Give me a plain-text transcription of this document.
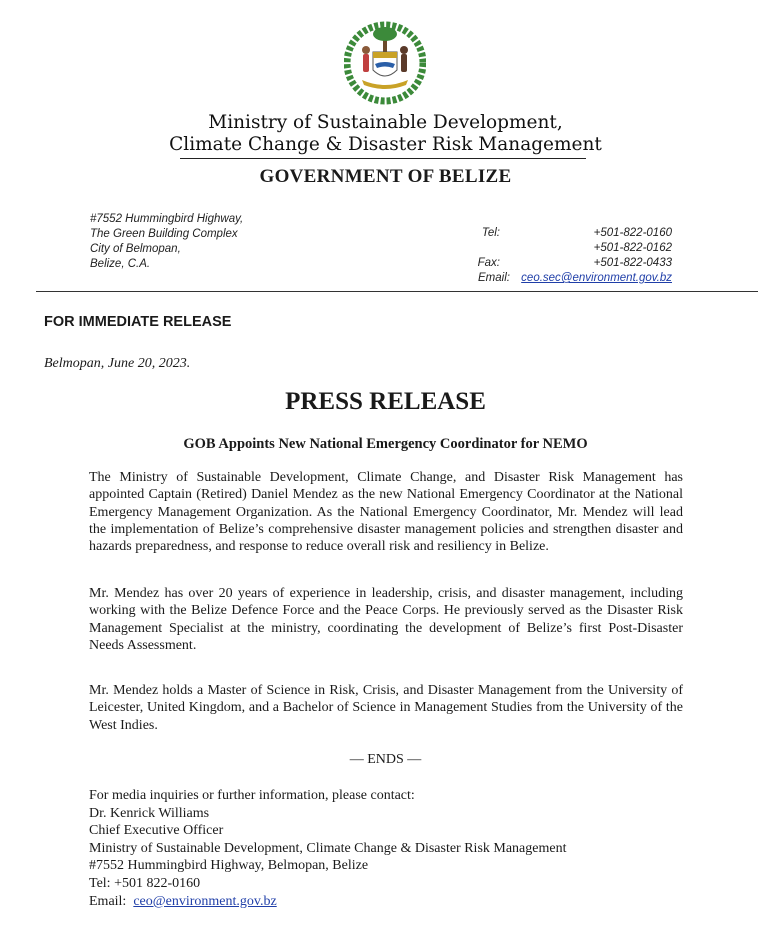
Ministry of Sustainable Development,
Climate Change & Disaster Risk Management
GOVERNMENT OF BELIZE
#7552 Hummingbird Highway,
The Green Building Complex
City of Belmopan,
Belize, C.A.
Tel:	+501-822-0160
+501-822-0162
Fax:	+501-822-0433
Email:
ceo.sec@environment.gov.bz
FOR IMMEDIATE RELEASE
Belmopan, June 20, 2023.
PRESS RELEASE
GOB Appoints New National Emergency Coordinator for NEMO
The Ministry of Sustainable Development, Climate Change, and Disaster Risk Management has appointed Captain (Retired) Daniel Mendez as the new National Emergency Coordinator at the National Emergency Management Organization. As the National Emergency Coordinator, Mr. Mendez will lead the implementation of Belize’s comprehensive disaster management policies and strengthen disaster and hazards preparedness, and response to reduce overall risk and resiliency in Belize.
Mr. Mendez has over 20 years of experience in leadership, crisis, and disaster management, including working with the Belize Defence Force and the Peace Corps. He previously served as the Disaster Risk Management Specialist at the ministry, coordinating the development of Belize’s first Post-Disaster Needs Assessment.
Mr. Mendez holds a Master of Science in Risk, Crisis, and Disaster Management from the University of Leicester, United Kingdom, and a Bachelor of Science in Management Studies from the University of the West Indies.
— ENDS —
For media inquiries or further information, please contact:
Dr. Kenrick Williams
Chief Executive Officer
Ministry of Sustainable Development, Climate Change & Disaster Risk Management
#7552 Hummingbird Highway, Belmopan, Belize
Tel: +501 822-0160
Email: ceo@environment.gov.bz
